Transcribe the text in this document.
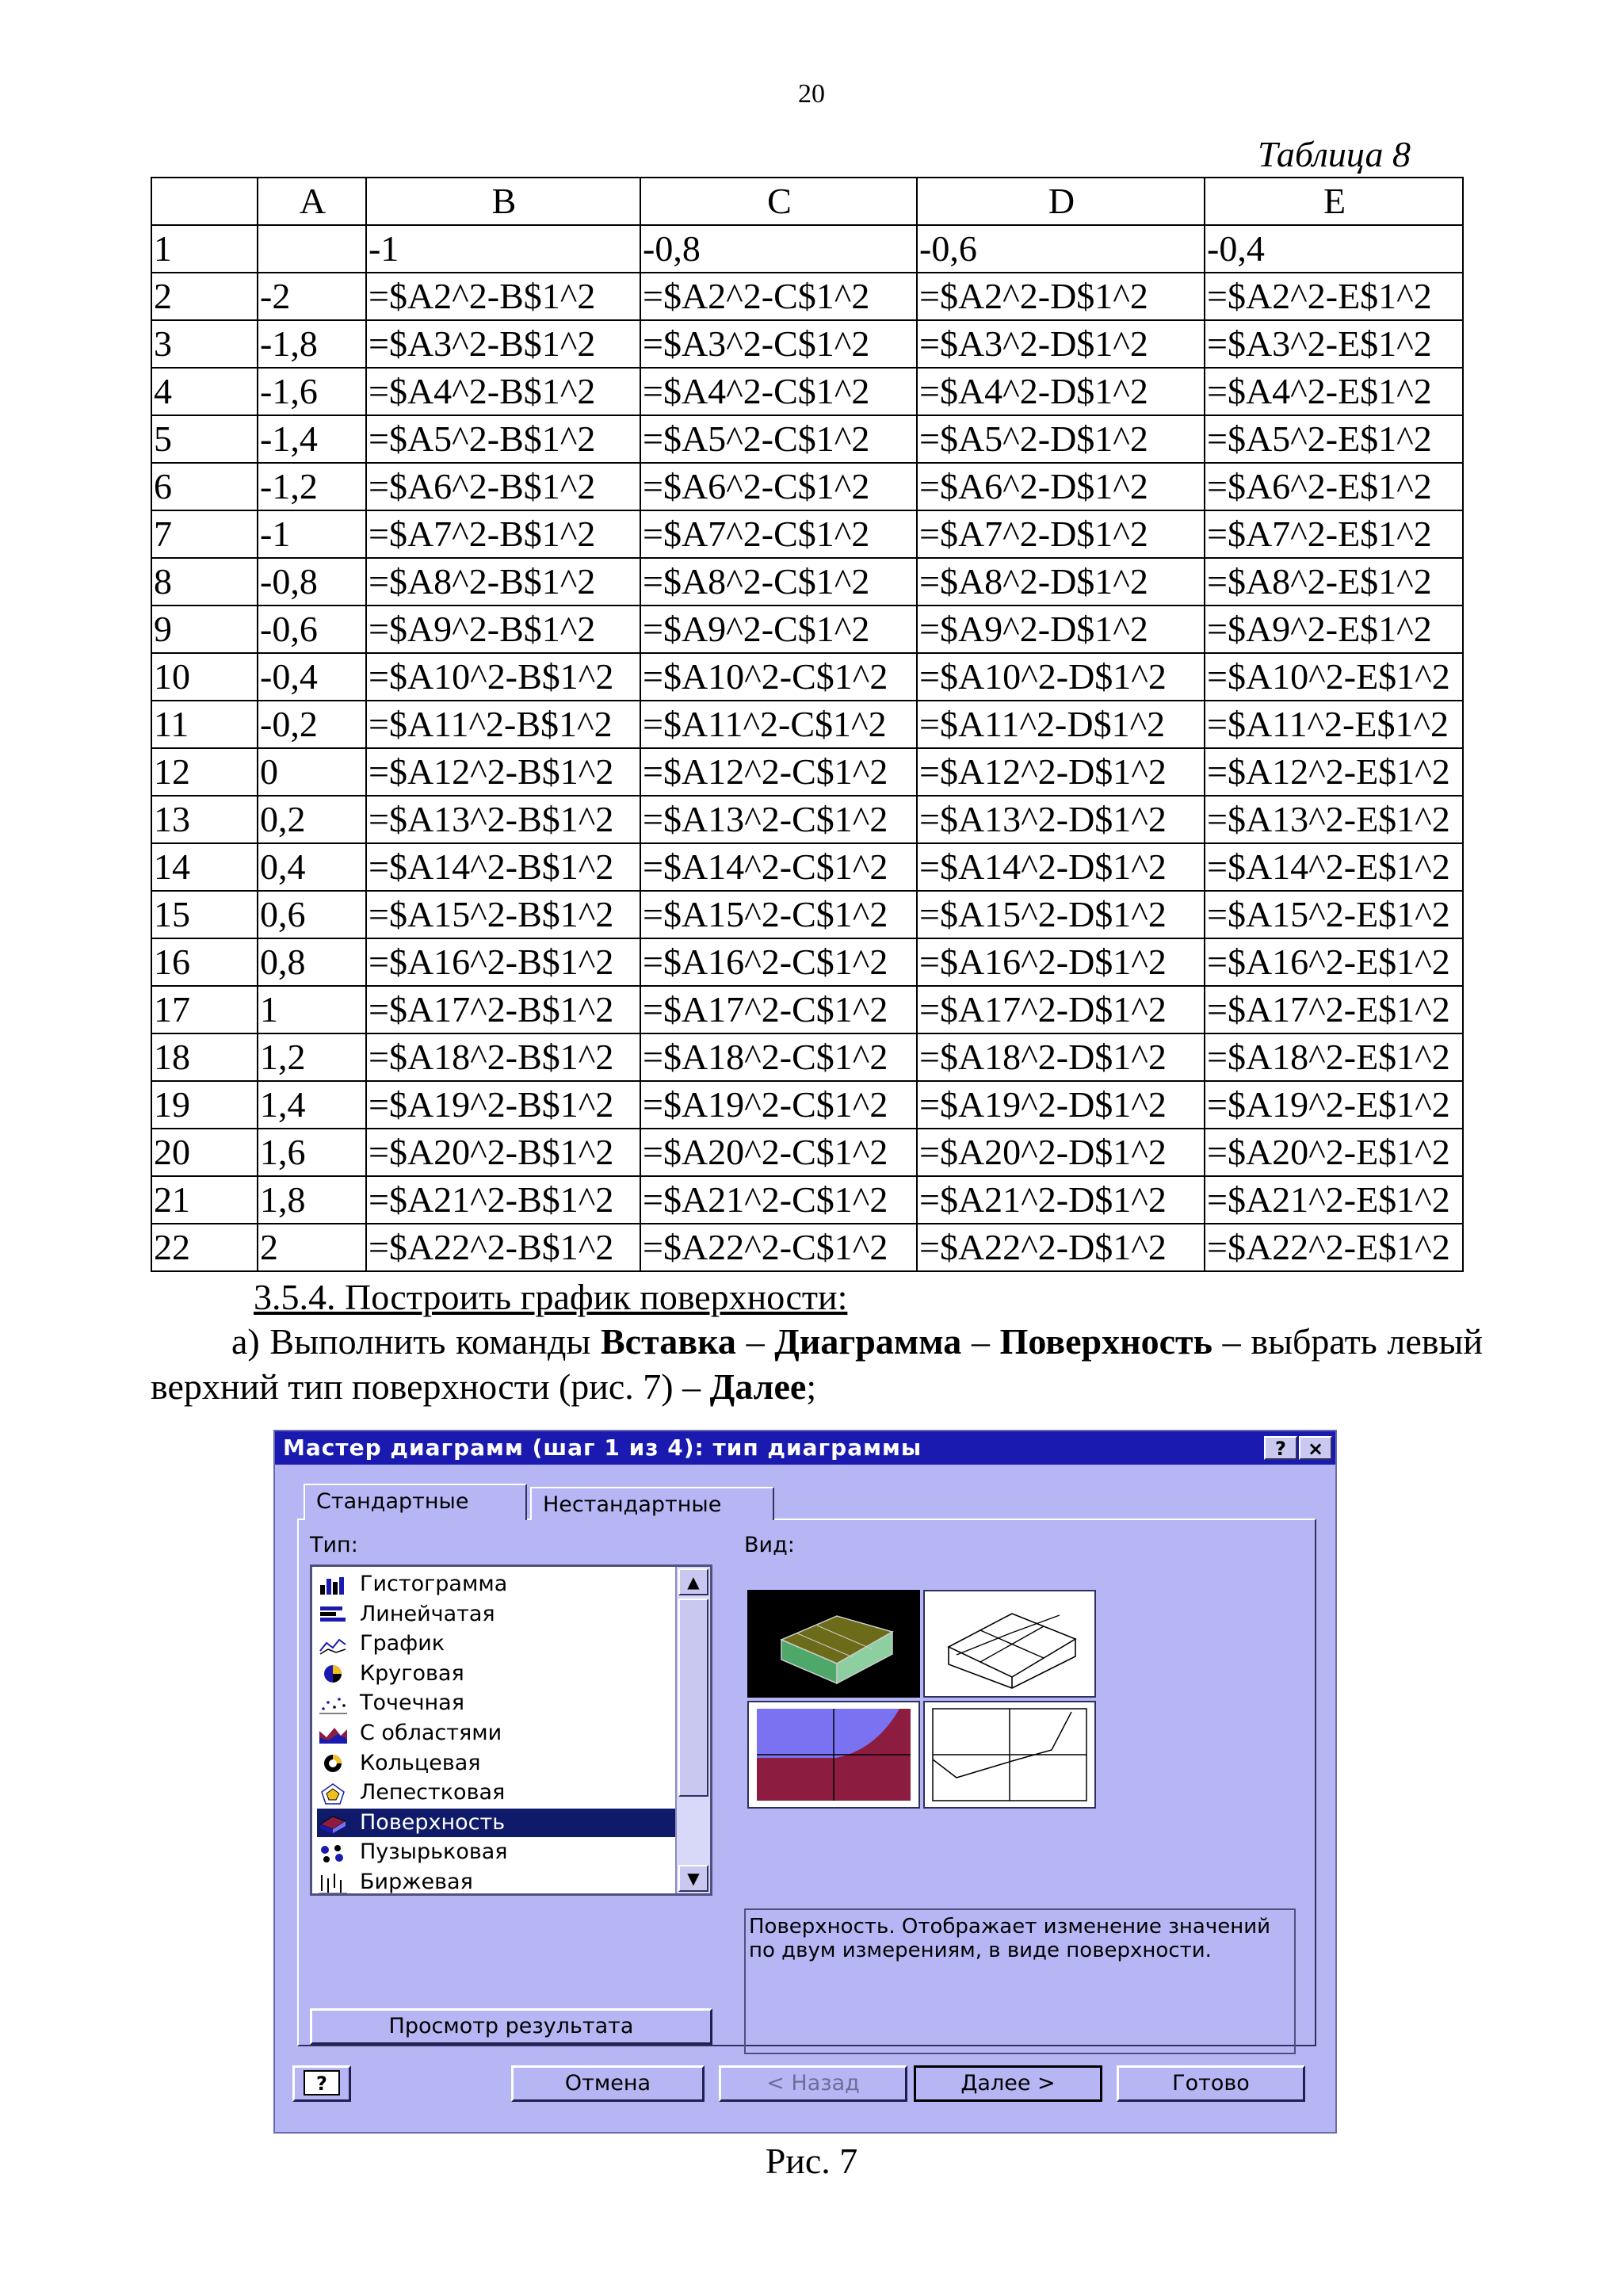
20
Таблица 8
	A	B	C	D	E
1		-1	-0,8	-0,6	-0,4
2	-2	=$A2^2-B$1^2	=$A2^2-C$1^2	=$A2^2-D$1^2	=$A2^2-E$1^2
3	-1,8	=$A3^2-B$1^2	=$A3^2-C$1^2	=$A3^2-D$1^2	=$A3^2-E$1^2
4	-1,6	=$A4^2-B$1^2	=$A4^2-C$1^2	=$A4^2-D$1^2	=$A4^2-E$1^2
5	-1,4	=$A5^2-B$1^2	=$A5^2-C$1^2	=$A5^2-D$1^2	=$A5^2-E$1^2
6	-1,2	=$A6^2-B$1^2	=$A6^2-C$1^2	=$A6^2-D$1^2	=$A6^2-E$1^2
7	-1	=$A7^2-B$1^2	=$A7^2-C$1^2	=$A7^2-D$1^2	=$A7^2-E$1^2
8	-0,8	=$A8^2-B$1^2	=$A8^2-C$1^2	=$A8^2-D$1^2	=$A8^2-E$1^2
9	-0,6	=$A9^2-B$1^2	=$A9^2-C$1^2	=$A9^2-D$1^2	=$A9^2-E$1^2
10	-0,4	=$A10^2-B$1^2	=$A10^2-C$1^2	=$A10^2-D$1^2	=$A10^2-E$1^2
11	-0,2	=$A11^2-B$1^2	=$A11^2-C$1^2	=$A11^2-D$1^2	=$A11^2-E$1^2
12	0	=$A12^2-B$1^2	=$A12^2-C$1^2	=$A12^2-D$1^2	=$A12^2-E$1^2
13	0,2	=$A13^2-B$1^2	=$A13^2-C$1^2	=$A13^2-D$1^2	=$A13^2-E$1^2
14	0,4	=$A14^2-B$1^2	=$A14^2-C$1^2	=$A14^2-D$1^2	=$A14^2-E$1^2
15	0,6	=$A15^2-B$1^2	=$A15^2-C$1^2	=$A15^2-D$1^2	=$A15^2-E$1^2
16	0,8	=$A16^2-B$1^2	=$A16^2-C$1^2	=$A16^2-D$1^2	=$A16^2-E$1^2
17	1	=$A17^2-B$1^2	=$A17^2-C$1^2	=$A17^2-D$1^2	=$A17^2-E$1^2
18	1,2	=$A18^2-B$1^2	=$A18^2-C$1^2	=$A18^2-D$1^2	=$A18^2-E$1^2
19	1,4	=$A19^2-B$1^2	=$A19^2-C$1^2	=$A19^2-D$1^2	=$A19^2-E$1^2
20	1,6	=$A20^2-B$1^2	=$A20^2-C$1^2	=$A20^2-D$1^2	=$A20^2-E$1^2
21	1,8	=$A21^2-B$1^2	=$A21^2-C$1^2	=$A21^2-D$1^2	=$A21^2-E$1^2
22	2	=$A22^2-B$1^2	=$A22^2-C$1^2	=$A22^2-D$1^2	=$A22^2-E$1^2
3.5.4. Построить график поверхности:
а) Выполнить команды Вставка – Диаграмма – Поверхность – выбрать левый верхний тип поверхности (рис. 7) – Далее;
Мастер диаграмм (шаг 1 из 4): тип диаграммы	?	×
Стандартные	Нестандартные
Тип:	Вид:
Гистограмма
Линейчатая
График
Круговая
Точечная
С областями
Кольцевая
Лепестковая
Поверхность
Пузырьковая
Биржевая
▲
▼
Поверхность. Отображает изменение значений по двум измерениям, в виде поверхности.
Просмотр результата
?	Отмена	< Назад	Далее >	Готово
Рис. 7
